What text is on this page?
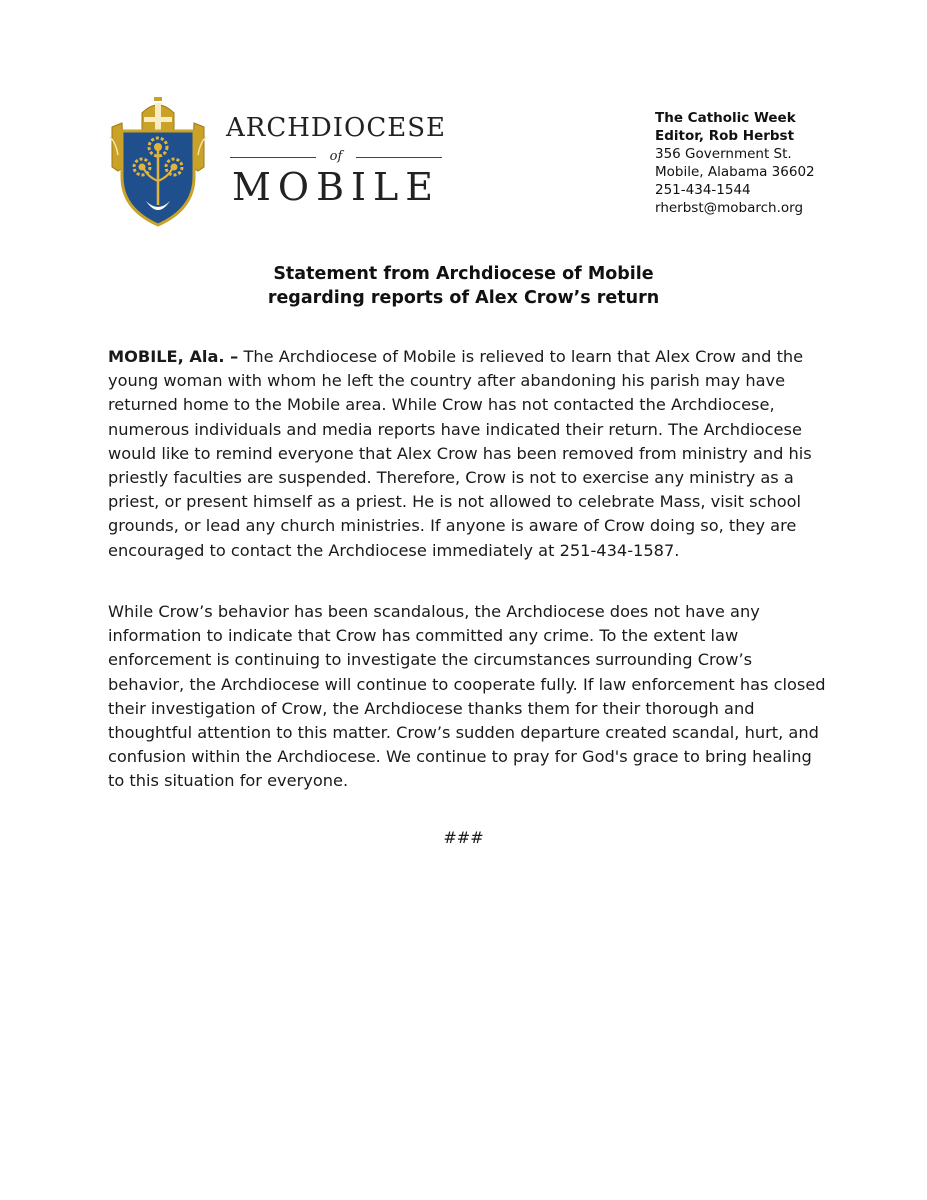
ARCHDIOCESE
of
MOBILE
The Catholic Week
Editor, Rob Herbst
356 Government St.
Mobile, Alabama 36602
251-434-1544
rherbst@mobarch.org
Statement from Archdiocese of Mobile
regarding reports of Alex Crow’s return
MOBILE, Ala. – The Archdiocese of Mobile is relieved to learn that Alex Crow and the young woman with whom he left the country after abandoning his parish may have returned home to the Mobile area. While Crow has not contacted the Archdiocese, numerous individuals and media reports have indicated their return. The Archdiocese would like to remind everyone that Alex Crow has been removed from ministry and his priestly faculties are suspended. Therefore, Crow is not to exercise any ministry as a priest, or present himself as a priest. He is not allowed to celebrate Mass, visit school grounds, or lead any church ministries. If anyone is aware of Crow doing so, they are encouraged to contact the Archdiocese immediately at 251-434-1587.
While Crow’s behavior has been scandalous, the Archdiocese does not have any information to indicate that Crow has committed any crime. To the extent law enforcement is continuing to investigate the circumstances surrounding Crow’s behavior, the Archdiocese will continue to cooperate fully. If law enforcement has closed their investigation of Crow, the Archdiocese thanks them for their thorough and thoughtful attention to this matter. Crow’s sudden departure created scandal, hurt, and confusion within the Archdiocese. We continue to pray for God's grace to bring healing to this situation for everyone.
###
